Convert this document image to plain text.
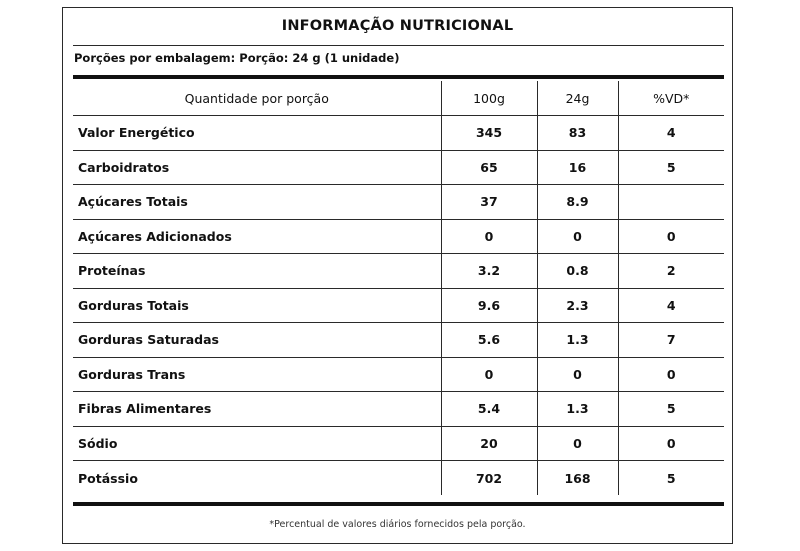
INFORMAÇÃO NUTRICIONAL
Porções por embalagem: Porção: 24 g (1 unidade)
Quantidade por porção	100g	24g	%VD*
Valor Energético	345	83	4
Carboidratos	65	16	5
Açúcares Totais	37	8.9	
Açúcares Adicionados	0	0	0
Proteínas	3.2	0.8	2
Gorduras Totais	9.6	2.3	4
Gorduras Saturadas	5.6	1.3	7
Gorduras Trans	0	0	0
Fibras Alimentares	5.4	1.3	5
Sódio	20	0	0
Potássio	702	168	5
*Percentual de valores diários fornecidos pela porção.
